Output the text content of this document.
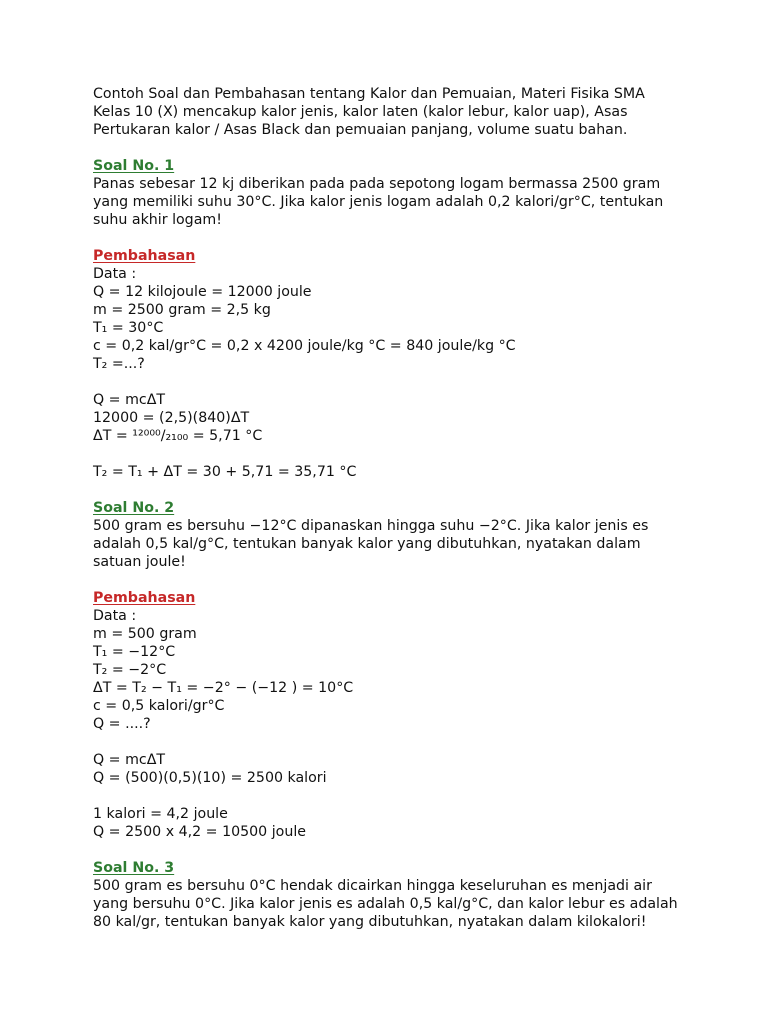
Contoh Soal dan Pembahasan tentang Kalor dan Pemuaian, Materi Fisika SMA
Kelas 10 (X) mencakup kalor jenis, kalor laten (kalor lebur, kalor uap), Asas
Pertukaran kalor / Asas Black dan pemuaian panjang, volume suatu bahan.
Soal No. 1
Panas sebesar 12 kj diberikan pada pada sepotong logam bermassa 2500 gram
yang memiliki suhu 30°C. Jika kalor jenis logam adalah 0,2 kalori/gr°C, tentukan
suhu akhir logam!
Pembahasan
Data :
Q = 12 kilojoule = 12000 joule
m = 2500 gram = 2,5 kg
T₁ = 30°C
c = 0,2 kal/gr°C = 0,2 x 4200 joule/kg °C = 840 joule/kg °C
T₂ =...?
Q = mcΔT
12000 = (2,5)(840)ΔT
ΔT = ¹²⁰⁰⁰/₂₁₀₀ = 5,71 °C
T₂ = T₁ + ΔT = 30 + 5,71 = 35,71 °C
Soal No. 2
500 gram es bersuhu −12°C dipanaskan hingga suhu −2°C. Jika kalor jenis es
adalah 0,5 kal/g°C, tentukan banyak kalor yang dibutuhkan, nyatakan dalam
satuan joule!
Pembahasan
Data :
m = 500 gram
T₁ = −12°C
T₂ = −2°C
ΔT = T₂ − T₁ = −2° − (−12 ) = 10°C
c = 0,5 kalori/gr°C
Q = ....?
Q = mcΔT
Q = (500)(0,5)(10) = 2500 kalori
1 kalori = 4,2 joule
Q = 2500 x 4,2 = 10500 joule
Soal No. 3
500 gram es bersuhu 0°C hendak dicairkan hingga keseluruhan es menjadi air
yang bersuhu 0°C. Jika kalor jenis es adalah 0,5 kal/g°C, dan kalor lebur es adalah
80 kal/gr, tentukan banyak kalor yang dibutuhkan, nyatakan dalam kilokalori!
